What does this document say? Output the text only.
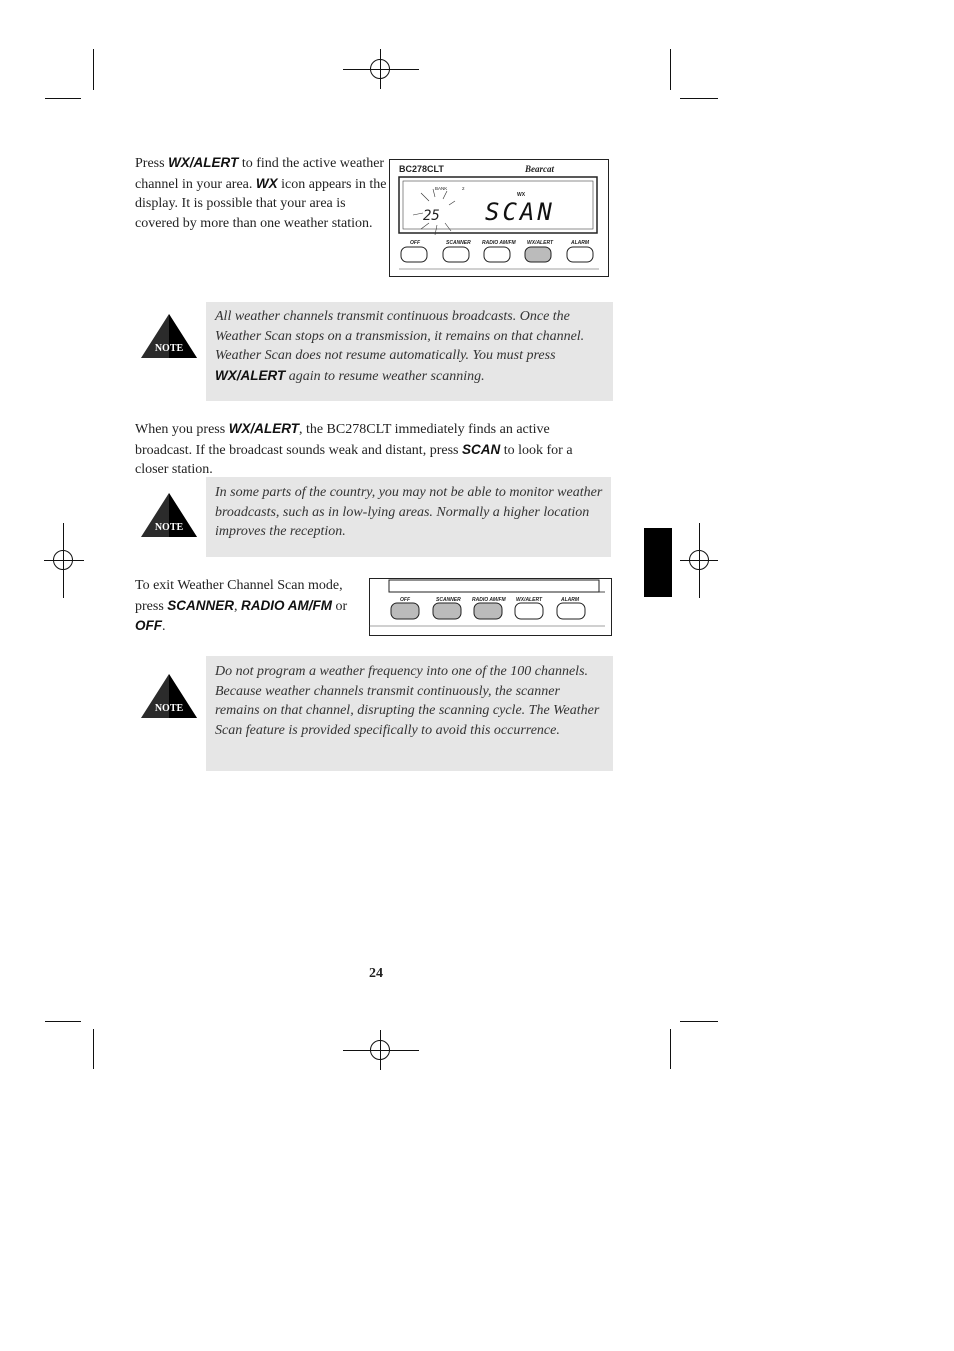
Press WX/ALERT to find the active weather channel in your area. WX icon appears in the display. It is possible that your area is covered by more than one weather station.
BC278CLT	Bearcat
BANK	2
WX
25 SCAN
OFF	SCANNER RADIO AM/FM WX/ALERT	ALARM
NOTE
All weather channels transmit continuous broadcasts. Once the Weather Scan stops on a transmission, it remains on that channel. Weather Scan does not resume automatically. You must press WX/ALERT again to resume weather scanning.
When you press WX/ALERT, the BC278CLT immediately finds an active broadcast. If the broadcast sounds weak and distant, press SCAN to look for a closer station.
NOTE
In some parts of the country, you may not be able to monitor weather broadcasts, such as in low-lying areas. Normally a higher location improves the reception.
To exit Weather Channel Scan mode, press SCANNER, RADIO AM/FM or OFF.
OFF	SCANNER RADIO AM/FM WX/ALERT	ALARM
NOTE
Do not program a weather frequency into one of the 100 channels. Because weather channels transmit continuously, the scanner remains on that channel, disrupting the scanning cycle. The Weather Scan feature is provided specifically to avoid this occurrence.
24
